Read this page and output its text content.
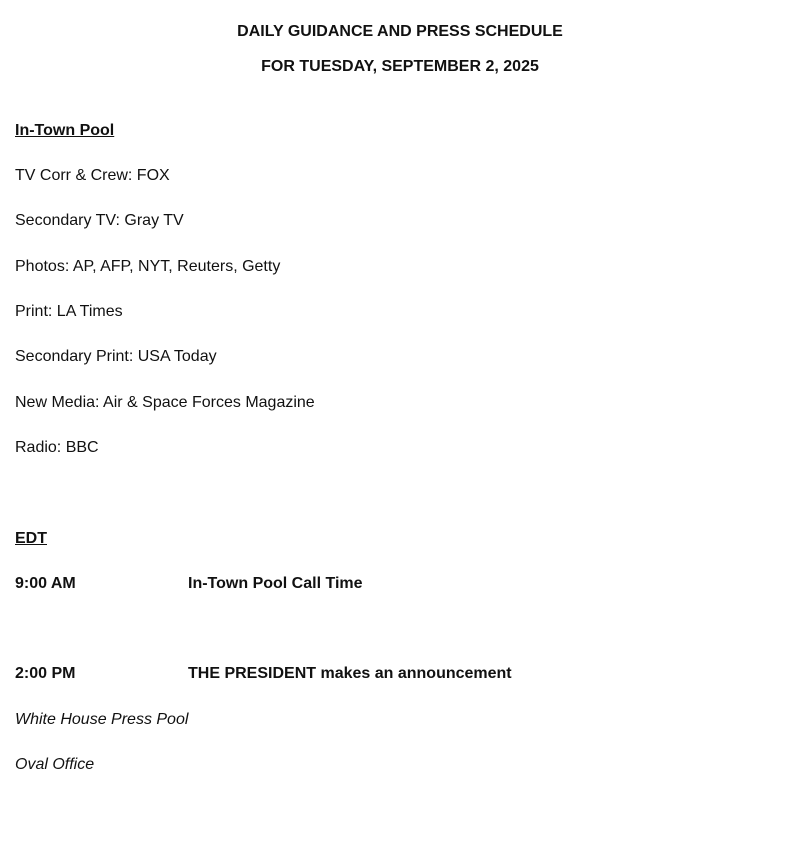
DAILY GUIDANCE AND PRESS SCHEDULE
FOR TUESDAY, SEPTEMBER 2, 2025
In-Town Pool
TV Corr & Crew: FOX
Secondary TV: Gray TV
Photos: AP, AFP, NYT, Reuters, Getty
Print: LA Times
Secondary Print: USA Today
New Media: Air & Space Forces Magazine
Radio: BBC
EDT
9:00 AM	In-Town Pool Call Time
2:00 PM	THE PRESIDENT makes an announcement
White House Press Pool
Oval Office
